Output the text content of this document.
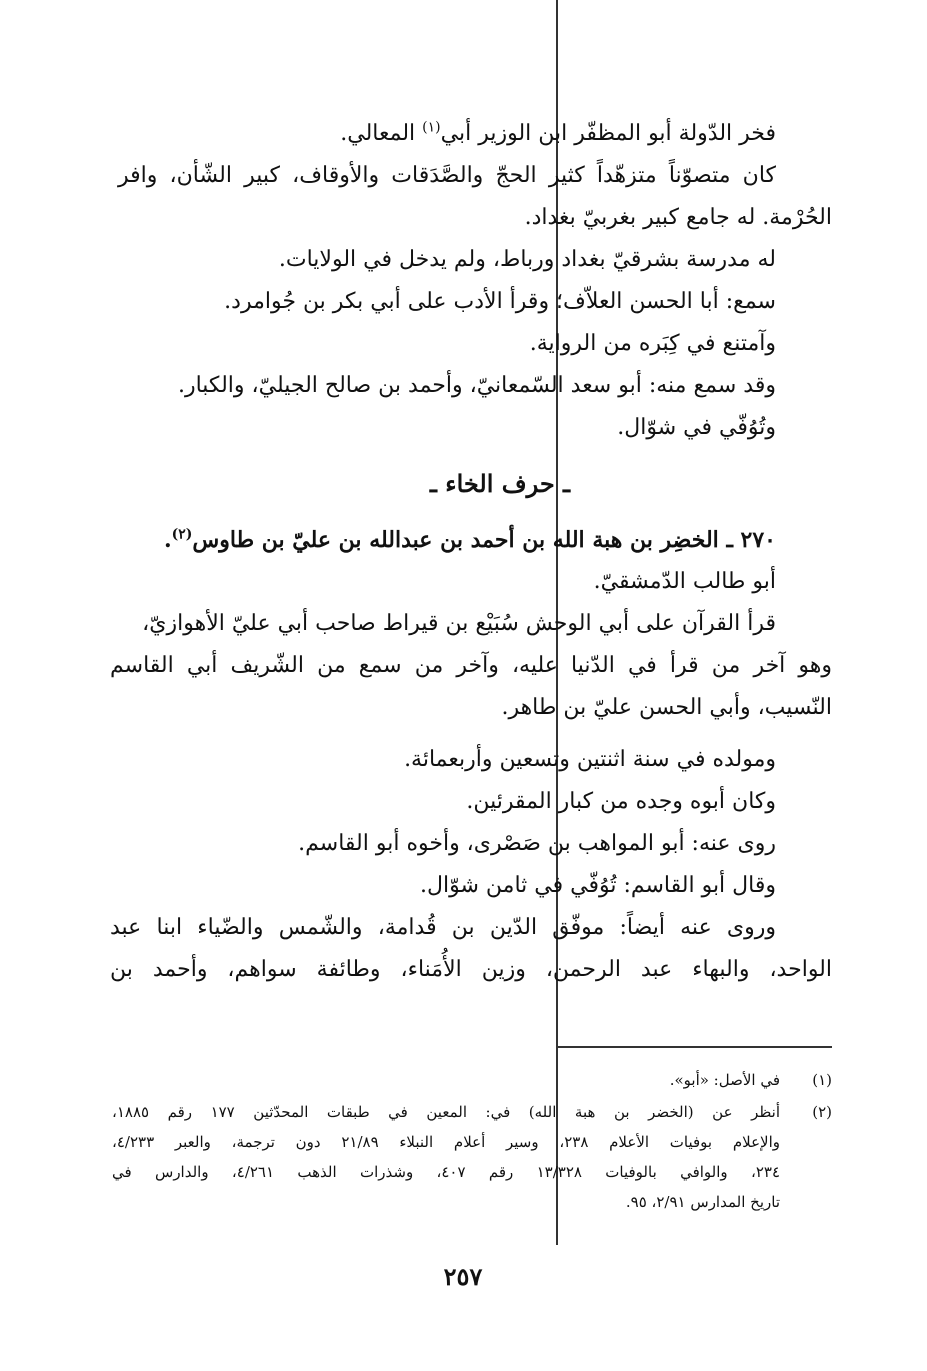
فخر الدّولة أبو المظفّر ابن الوزير أبي$^{(١)}$ المعالي.
كان متصوّناً متزهّداً كثير الحجّ والصَّدَقات والأوقاف، كبير الشّأن، وافر
الحُرْمة. له جامع كبير بغربيّ بغداد.
له مدرسة بشرقيّ بغداد ورباط، ولم يدخل في الولايات.
سمع: أبا الحسن العلاّف؛ وقرأ الأدب على أبي بكر بن جُوامرد.
وآمتنع في كِبَره من الرواية.
وقد سمع منه: أبو سعد السّمعانيّ، وأحمد بن صالح الجيليّ، والكبار.
وتُوُفّي في شوّال.
ـ حرف الخاء ـ
٢٧٠ ـ الخضِر بن هبة الله بن أحمد بن عبدالله بن عليّ بن طاوس$^{(٢)}$.
أبو طالب الدّمشقيّ.
قرأ القرآن على أبي الوحش سُبَيْع بن قيراط صاحب أبي عليّ الأهوازيّ،
وهو آخر من قرأ في الدّنيا عليه، وآخر من سمع من الشّريف أبي القاسم
النّسيب، وأبي الحسن عليّ بن طاهر.
ومولده في سنة اثنتين وتسعين وأربعمائة.
وكان أبوه وجده من كبار المقرئين.
روى عنه: أبو المواهب بن صَصْرى، وأخوه أبو القاسم.
وقال أبو القاسم: تُوُفّي في ثامن شوّال.
وروى عنه أيضاً: موفّق الدّين بن قُدامة، والشّمس والضّياء ابنا عبد
الواحد، والبهاء عبد الرحمن، وزين الأُمَناء، وطائفة سواهم، وأحمد بن
(١)
في الأصل: «أبو».
(٢)
أنظر عن (الخضر بن هبة الله) في: المعين في طبقات المحدّثين ١٧٧ رقم ١٨٨٥،
والإعلام بوفيات الأعلام ٢٣٨، وسير أعلام النبلاء ٢١/٨٩ دون ترجمة، والعبر ٤/٢٣٣،
٢٣٤، والوافي بالوفيات ١٣/٣٢٨ رقم ٤٠٧، وشذرات الذهب ٤/٢٦١، والدارس في
تاريخ المدارس ٢/٩١، ٩٥.
٢٥٧
